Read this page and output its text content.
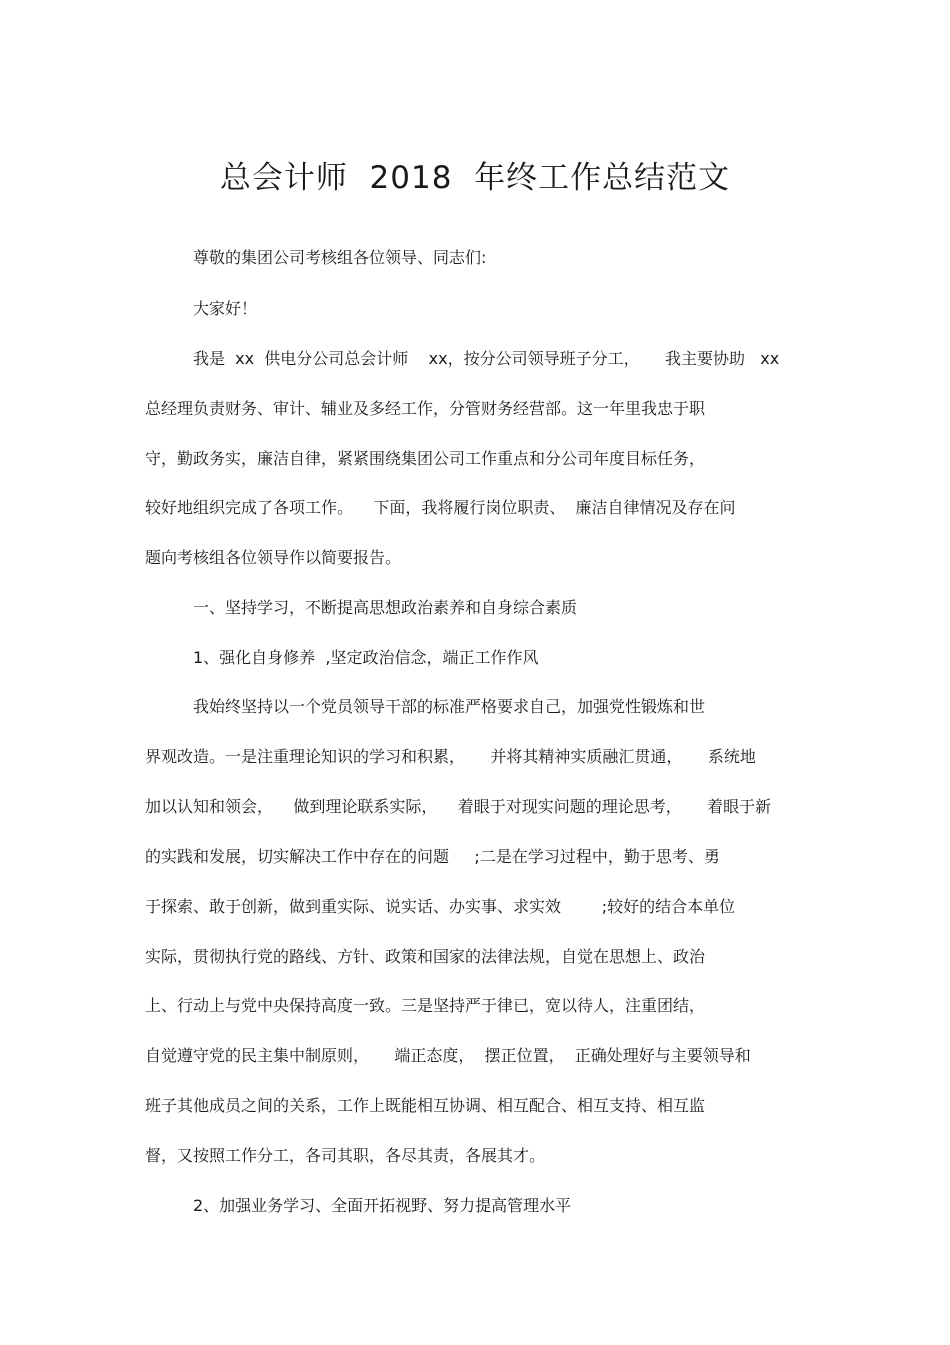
总会计师  2018  年终工作总结范文
尊敬的集团公司考核组各位领导、同志们:
大家好！
我是  xx  供电分公司总会计师    xx，按分公司领导班子分工，     我主要协助   xx
总经理负责财务、审计、辅业及多经工作，分管财务经营部。这一年里我忠于职
守，勤政务实，廉洁自律，紧紧围绕集团公司工作重点和分公司年度目标任务，
较好地组织完成了各项工作。    下面，我将履行岗位职责、  廉洁自律情况及存在问
题向考核组各位领导作以简要报告。
一、坚持学习，不断提高思想政治素养和自身综合素质
1、强化自身修养  ,坚定政治信念，端正工作作风
我始终坚持以一个党员领导干部的标准严格要求自己，加强党性锻炼和世
界观改造。一是注重理论知识的学习和积累，     并将其精神实质融汇贯通，     系统地
加以认知和领会，    做到理论联系实际，    着眼于对现实问题的理论思考，     着眼于新
的实践和发展，切实解决工作中存在的问题     ;二是在学习过程中，勤于思考、勇
于探索、敢于创新，做到重实际、说实话、办实事、求实效        ;较好的结合本单位
实际，贯彻执行党的路线、方针、政策和国家的法律法规，自觉在思想上、政治
上、行动上与党中央保持高度一致。三是坚持严于律已，宽以待人，注重团结，
自觉遵守党的民主集中制原则，     端正态度，  摆正位置，  正确处理好与主要领导和
班子其他成员之间的关系，工作上既能相互协调、相互配合、相互支持、相互监
督，又按照工作分工，各司其职，各尽其责，各展其才。
2、加强业务学习、全面开拓视野、努力提高管理水平
